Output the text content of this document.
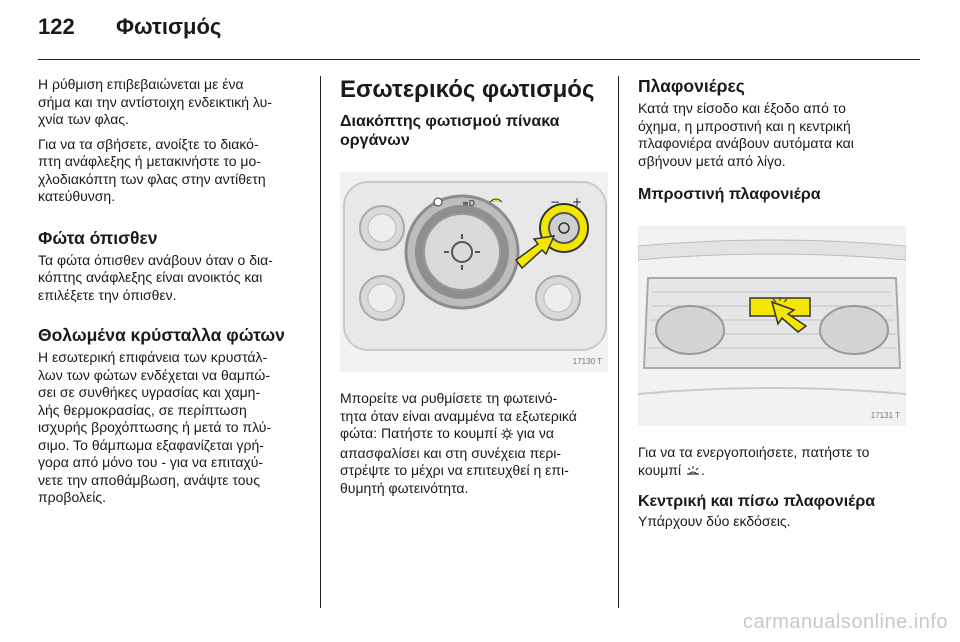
122 Φωτισμός

Η ρύθμιση επιβεβαιώνεται με ένα
σήμα και την αντίστοιχη ενδεικτική λυ-
χνία των φλας.

Για να τα σβήσετε, ανοίξτε το διακό-
πτη ανάφλεξης ή μετακινήστε το μο-
χλοδιακόπτη των φλας στην αντίθετη
κατεύθυνση.

Φώτα όπισθεν

Τα φώτα όπισθεν ανάβουν όταν ο δια-
κόπτης ανάφλεξης είναι ανοικτός και
επιλέξετε την όπισθεν.

Θολωμένα κρύσταλλα φώτων

Η εσωτερική επιφάνεια των κρυστάλ-
λων των φώτων ενδέχεται να θαμπώ-
σει σε συνθήκες υγρασίας και χαμη-
λής θερμοκρασίας, σε περίπτωση
ισχυρής βροχόπτωσης ή μετά το πλύ-
σιμο. Το θάμπωμα εξαφανίζεται γρή-
γορα από μόνο του - για να επιταχύ-
νετε την αποθάμβωση, ανάψτε τους
προβολείς.

Εσωτερικός φωτισμός
Διακόπτης φωτισμού πίνακα
οργάνων
≡D	− +
17130 T

Μπορείτε να ρυθμίσετε τη φωτεινό-
τητα όταν είναι αναμμένα τα εξωτερικά
φώτα: Πατήστε το κουμπί για να
απασφαλίσει και στη συνέχεια περι-
στρέψτε το μέχρι να επιτευχθεί η επι-
θυμητή φωτεινότητα.

Πλαφονιέρες

Κατά την είσοδο και έξοδο από το
όχημα, η μπροστινή και η κεντρική
πλαφονιέρα ανάβουν αυτόματα και
σβήνουν μετά από λίγο.

Μπροστινή πλαφονιέρα
17131 T

Για να τα ενεργοποιήσετε, πατήστε το
κουμπί .

Κεντρική και πίσω πλαφονιέρα

Υπάρχουν δύο εκδόσεις.

carmanualsonline.info
